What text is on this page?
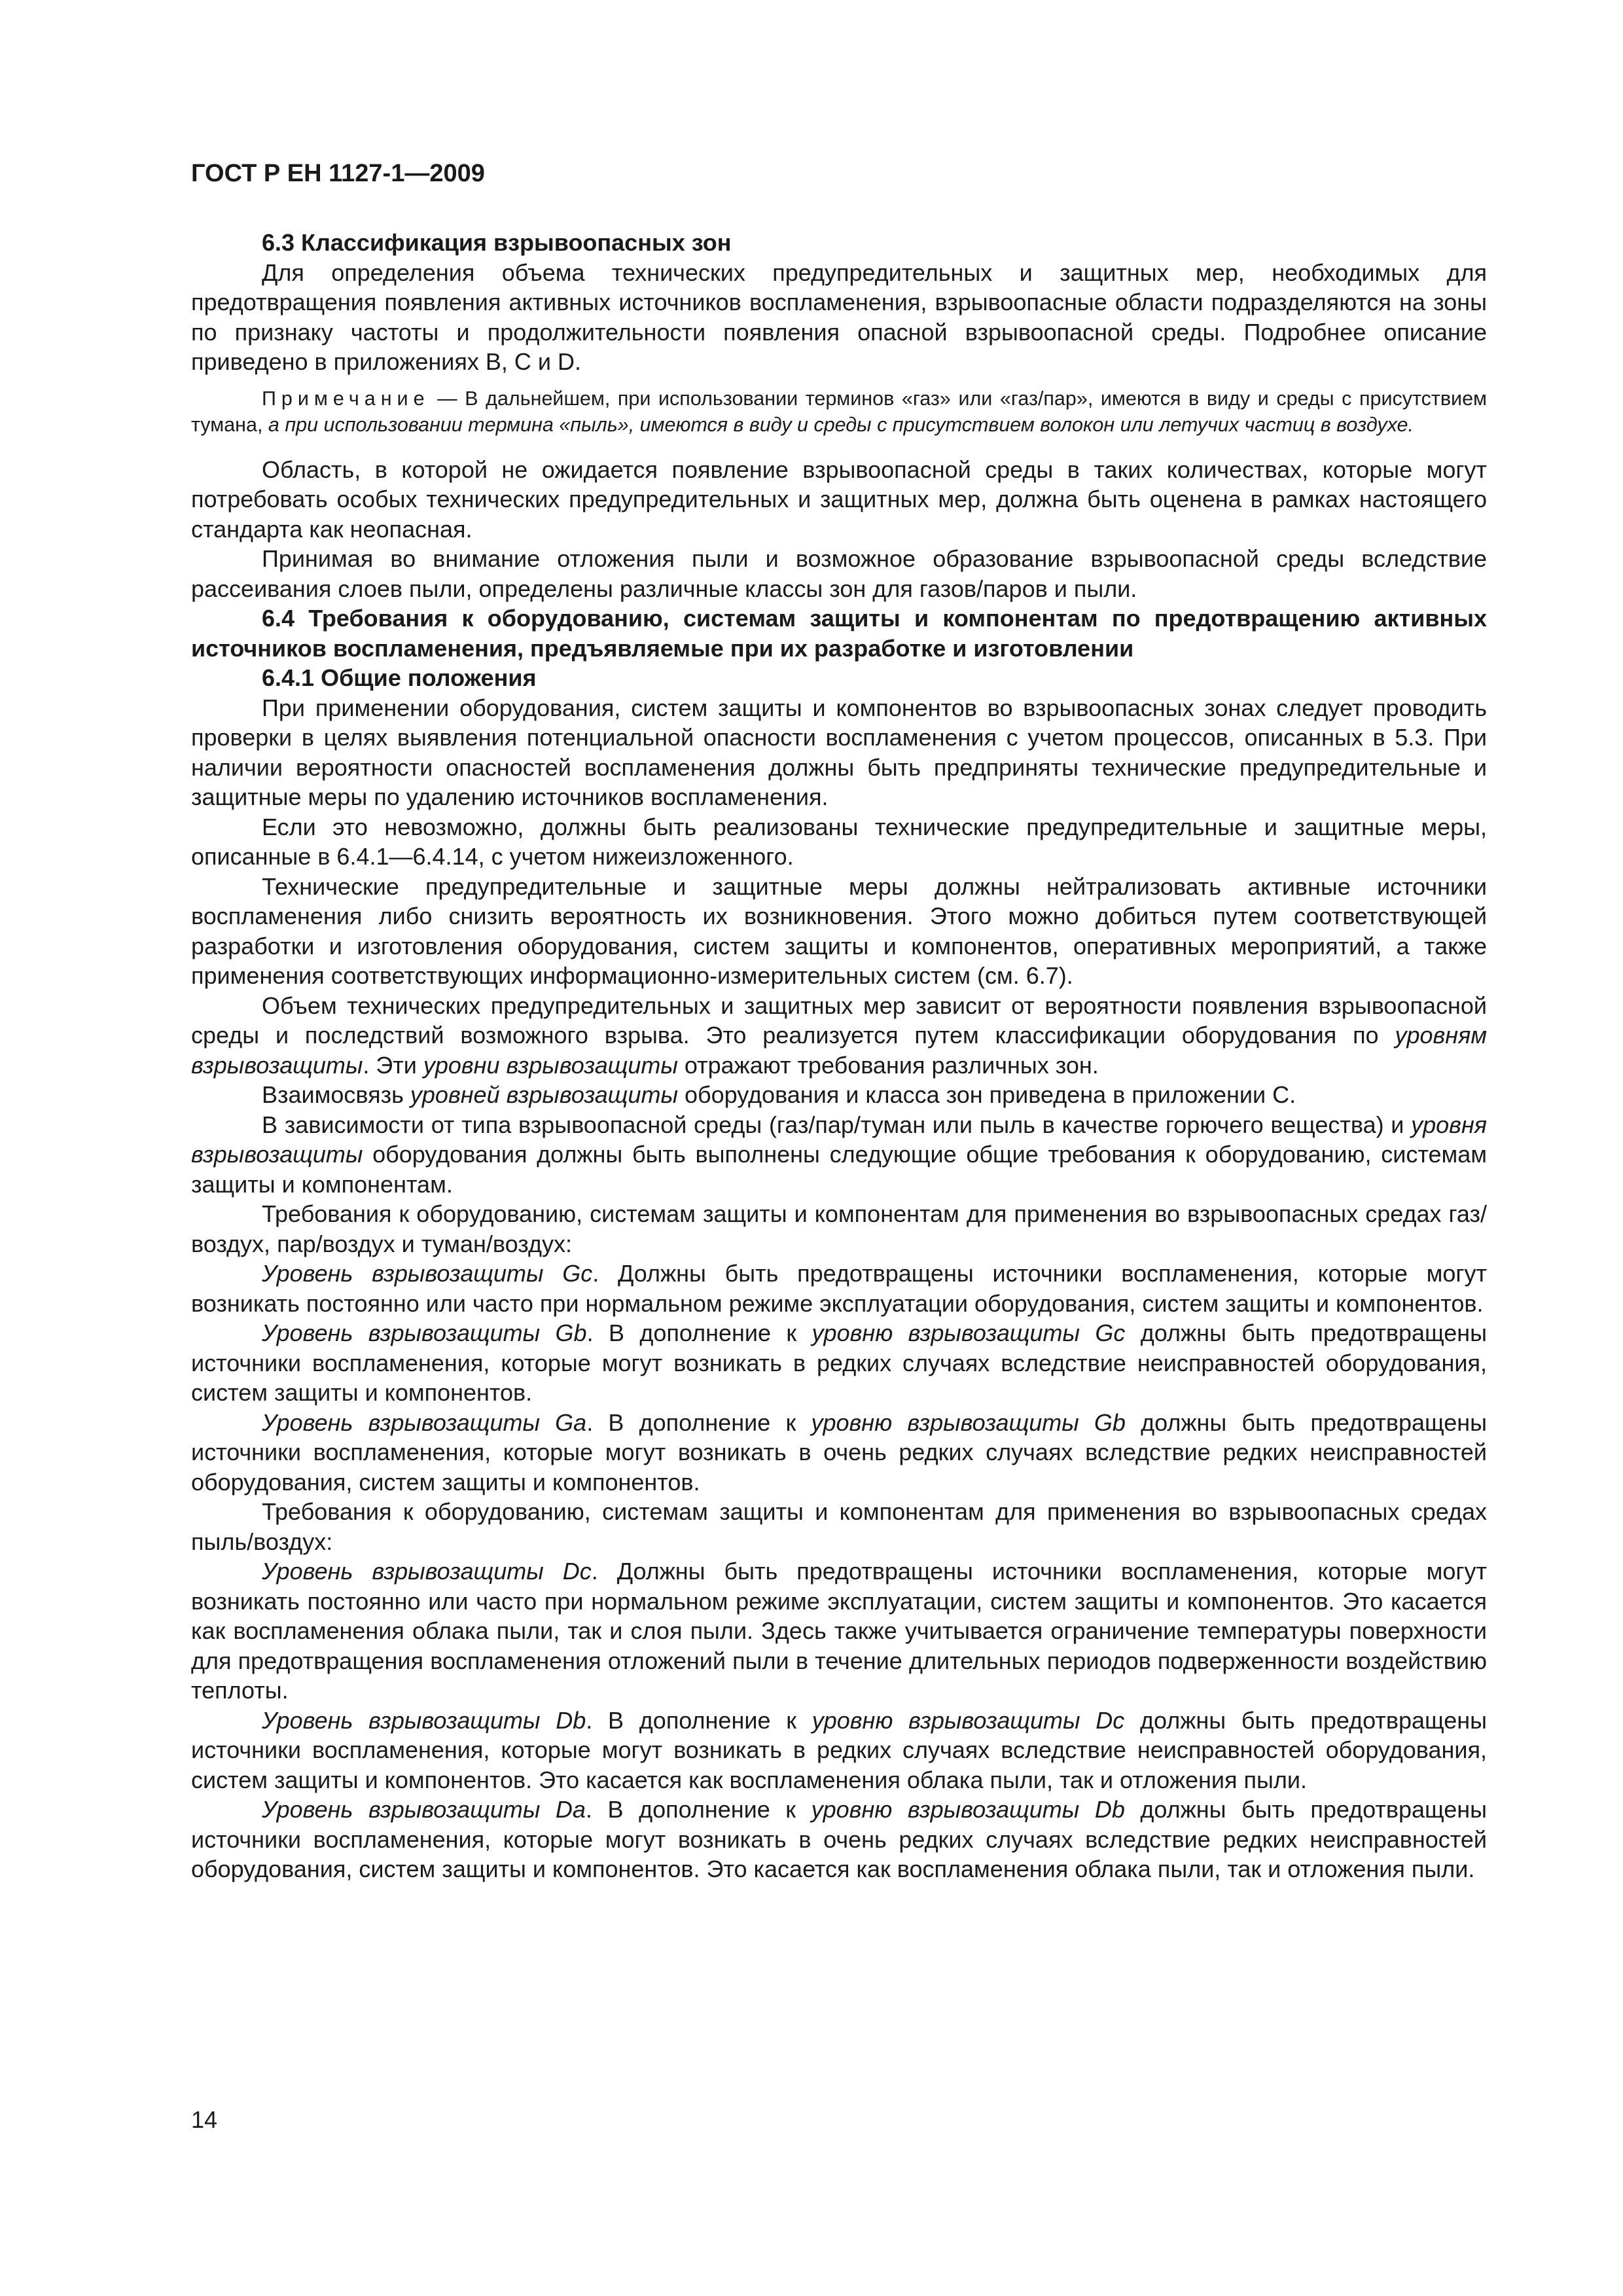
ГОСТ Р ЕН 1127-1—2009

6.3 Классификация взрывоопасных зон

Для определения объема технических предупредительных и защитных мер, необходимых для предотвращения появления активных источников воспламенения, взрывоопасные области подразделяются на зоны по признаку частоты и продолжительности появления опасной взрывоопасной среды. Подробнее описание приведено в приложениях B, C и D.

Примечание — В дальнейшем, при использовании терминов «газ» или «газ/пар», имеются в виду и среды с присутствием тумана, а при использовании термина «пыль», имеются в виду и среды с присутствием волокон или летучих частиц в воздухе.

Область, в которой не ожидается появление взрывоопасной среды в таких количествах, которые могут потребовать особых технических предупредительных и защитных мер, должна быть оценена в рамках настоящего стандарта как неопасная.

Принимая во внимание отложения пыли и возможное образование взрывоопасной среды вследствие рассеивания слоев пыли, определены различные классы зон для газов/паров и пыли.

6.4 Требования к оборудованию, системам защиты и компонентам по предотвращению активных источников воспламенения, предъявляемые при их разработке и изготовлении

6.4.1 Общие положения

При применении оборудования, систем защиты и компонентов во взрывоопасных зонах следует проводить проверки в целях выявления потенциальной опасности воспламенения с учетом процессов, описанных в 5.3. При наличии вероятности опасностей воспламенения должны быть предприняты технические предупредительные и защитные меры по удалению источников воспламенения.

Если это невозможно, должны быть реализованы технические предупредительные и защитные меры, описанные в 6.4.1—6.4.14, с учетом нижеизложенного.

Технические предупредительные и защитные меры должны нейтрализовать активные источники воспламенения либо снизить вероятность их возникновения. Этого можно добиться путем соответствующей разработки и изготовления оборудования, систем защиты и компонентов, оперативных мероприятий, а также применения соответствующих информационно-измерительных систем (см. 6.7).

Объем технических предупредительных и защитных мер зависит от вероятности появления взрывоопасной среды и последствий возможного взрыва. Это реализуется путем классификации оборудования по уровням взрывозащиты. Эти уровни взрывозащиты отражают требования различных зон.

Взаимосвязь уровней взрывозащиты оборудования и класса зон приведена в приложении C.

В зависимости от типа взрывоопасной среды (газ/пар/туман или пыль в качестве горючего вещества) и уровня взрывозащиты оборудования должны быть выполнены следующие общие требования к оборудованию, системам защиты и компонентам.

Требования к оборудованию, системам защиты и компонентам для применения во взрывоопасных средах газ/воздух, пар/воздух и туман/воздух:

Уровень взрывозащиты Gc. Должны быть предотвращены источники воспламенения, которые могут возникать постоянно или часто при нормальном режиме эксплуатации оборудования, систем защиты и компонентов.

Уровень взрывозащиты Gb. В дополнение к уровню взрывозащиты Gc должны быть предотвращены источники воспламенения, которые могут возникать в редких случаях вследствие неисправностей оборудования, систем защиты и компонентов.

Уровень взрывозащиты Ga. В дополнение к уровню взрывозащиты Gb должны быть предотвращены источники воспламенения, которые могут возникать в очень редких случаях вследствие редких неисправностей оборудования, систем защиты и компонентов.

Требования к оборудованию, системам защиты и компонентам для применения во взрывоопасных средах пыль/воздух:

Уровень взрывозащиты Dc. Должны быть предотвращены источники воспламенения, которые могут возникать постоянно или часто при нормальном режиме эксплуатации, систем защиты и компонентов. Это касается как воспламенения облака пыли, так и слоя пыли. Здесь также учитывается ограничение температуры поверхности для предотвращения воспламенения отложений пыли в течение длительных периодов подверженности воздействию теплоты.

Уровень взрывозащиты Db. В дополнение к уровню взрывозащиты Dc должны быть предотвращены источники воспламенения, которые могут возникать в редких случаях вследствие неисправностей оборудования, систем защиты и компонентов. Это касается как воспламенения облака пыли, так и отложения пыли.

Уровень взрывозащиты Da. В дополнение к уровню взрывозащиты Db должны быть предотвращены источники воспламенения, которые могут возникать в очень редких случаях вследствие редких неисправностей оборудования, систем защиты и компонентов. Это касается как воспламенения облака пыли, так и отложения пыли.

14
